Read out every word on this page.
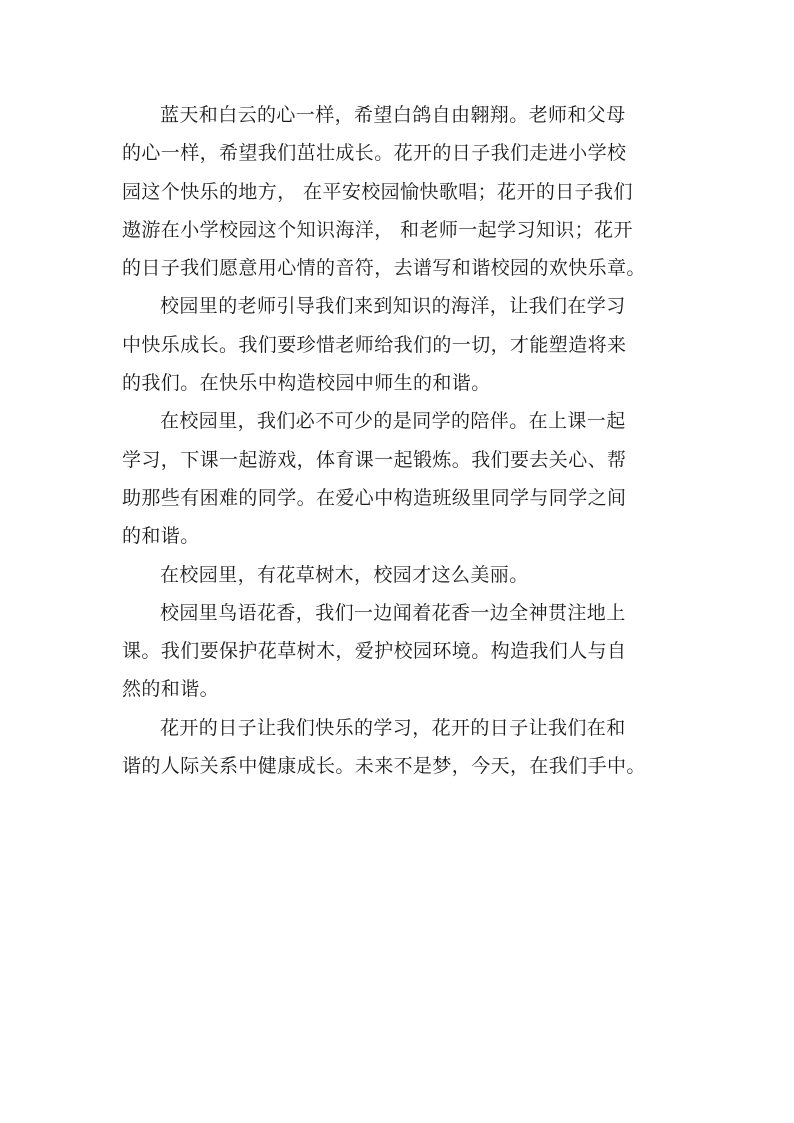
蓝天和白云的心一样，希望白鸽自由翱翔。老师和父母
的心一样，希望我们茁壮成长。花开的日子我们走进小学校
园这个快乐的地方， 在平安校园愉快歌唱；花开的日子我们
遨游在小学校园这个知识海洋， 和老师一起学习知识；花开
的日子我们愿意用心情的音符，去谱写和谐校园的欢快乐章。

校园里的老师引导我们来到知识的海洋，让我们在学习
中快乐成长。我们要珍惜老师给我们的一切，才能塑造将来
的我们。在快乐中构造校园中师生的和谐。

在校园里，我们必不可少的是同学的陪伴。在上课一起
学习，下课一起游戏，体育课一起锻炼。我们要去关心、帮
助那些有困难的同学。在爱心中构造班级里同学与同学之间
的和谐。

在校园里，有花草树木，校园才这么美丽。

校园里鸟语花香，我们一边闻着花香一边全神贯注地上
课。我们要保护花草树木，爱护校园环境。构造我们人与自
然的和谐。

花开的日子让我们快乐的学习，花开的日子让我们在和
谐的人际关系中健康成长。未来不是梦，今天，在我们手中。
